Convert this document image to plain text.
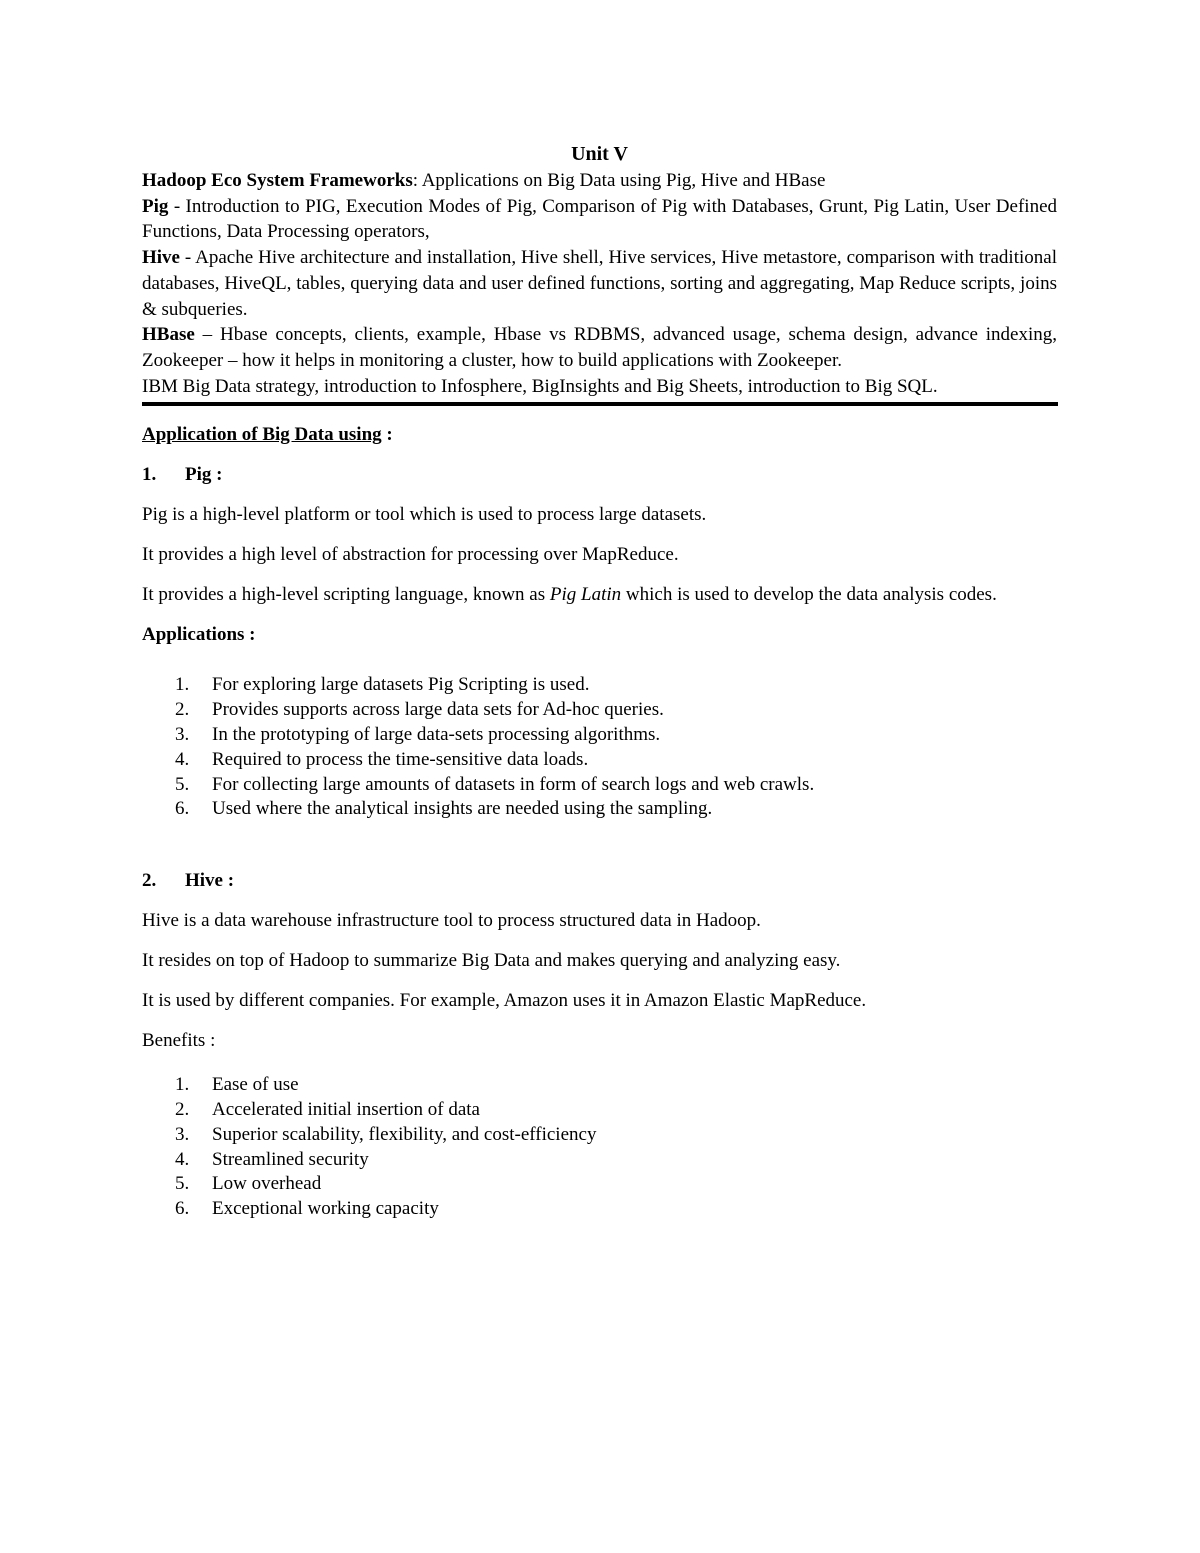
Unit V

Hadoop Eco System Frameworks: Applications on Big Data using Pig, Hive and HBase

Pig - Introduction to PIG, Execution Modes of Pig, Comparison of Pig with Databases, Grunt, Pig Latin, User Defined Functions, Data Processing operators,

Hive - Apache Hive architecture and installation, Hive shell, Hive services, Hive metastore, comparison with traditional databases, HiveQL, tables, querying data and user defined functions, sorting and aggregating, Map Reduce scripts, joins & subqueries.

HBase – Hbase concepts, clients, example, Hbase vs RDBMS, advanced usage, schema design, advance indexing, Zookeeper – how it helps in monitoring a cluster, how to build applications with Zookeeper.

IBM Big Data strategy, introduction to Infosphere, BigInsights and Big Sheets, introduction to Big SQL.

Application of Big Data using :

1. Pig :

Pig is a high-level platform or tool which is used to process large datasets.

It provides a high level of abstraction for processing over MapReduce.

It provides a high-level scripting language, known as Pig Latin which is used to develop the data analysis codes.

Applications :

1.	For exploring large datasets Pig Scripting is used.
2.	Provides supports across large data sets for Ad-hoc queries.
3.	In the prototyping of large data-sets processing algorithms.
4.	Required to process the time-sensitive data loads.
5.	For collecting large amounts of datasets in form of search logs and web crawls.
6.	Used where the analytical insights are needed using the sampling.

2. Hive :

Hive is a data warehouse infrastructure tool to process structured data in Hadoop.

It resides on top of Hadoop to summarize Big Data and makes querying and analyzing easy.

It is used by different companies. For example, Amazon uses it in Amazon Elastic MapReduce.

Benefits :

1.	Ease of use
2.	Accelerated initial insertion of data
3.	Superior scalability, flexibility, and cost-efficiency
4.	Streamlined security
5.	Low overhead
6.	Exceptional working capacity
